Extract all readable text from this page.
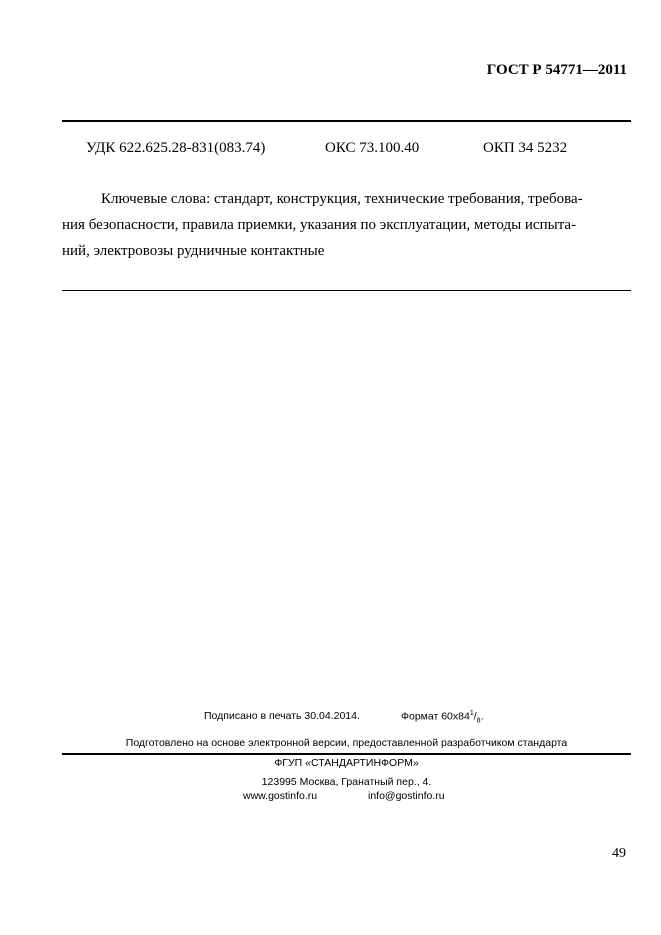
ГОСТ Р 54771—2011
УДК 622.625.28-831(083.74)	ОКС 73.100.40	ОКП 34 5232
Ключевые слова: стандарт, конструкция, технические требования, требова-
ния безопасности, правила приемки, указания по эксплуатации, методы испыта-
ний, электровозы рудничные контактные
Подписано в печать 30.04.2014.	Формат $60x84^1/_8$.
Подготовлено на основе электронной версии, предоставленной разработчиком стандарта
ФГУП «СТАНДАРТИНФОРМ»
123995 Москва, Гранатный пер., 4.
www.gostinfo.ru	info@gostinfo.ru
49
